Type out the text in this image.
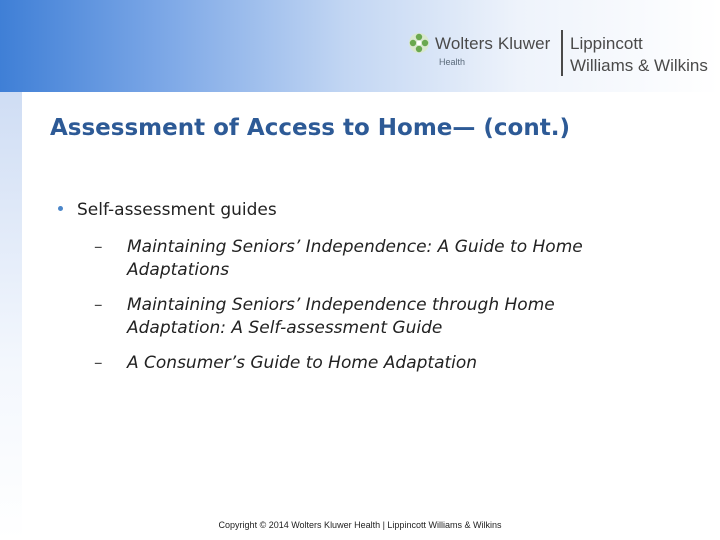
Wolters Kluwer
Health
Lippincott
Williams & Wilkins
Assessment of Access to Home— (cont.)
Self-assessment guides
– Maintaining Seniors’ Independence: A Guide to Home Adaptations
– Maintaining Seniors’ Independence through Home Adaptation: A Self-assessment Guide
– A Consumer’s Guide to Home Adaptation
Copyright © 2014 Wolters Kluwer Health | Lippincott Williams & Wilkins
